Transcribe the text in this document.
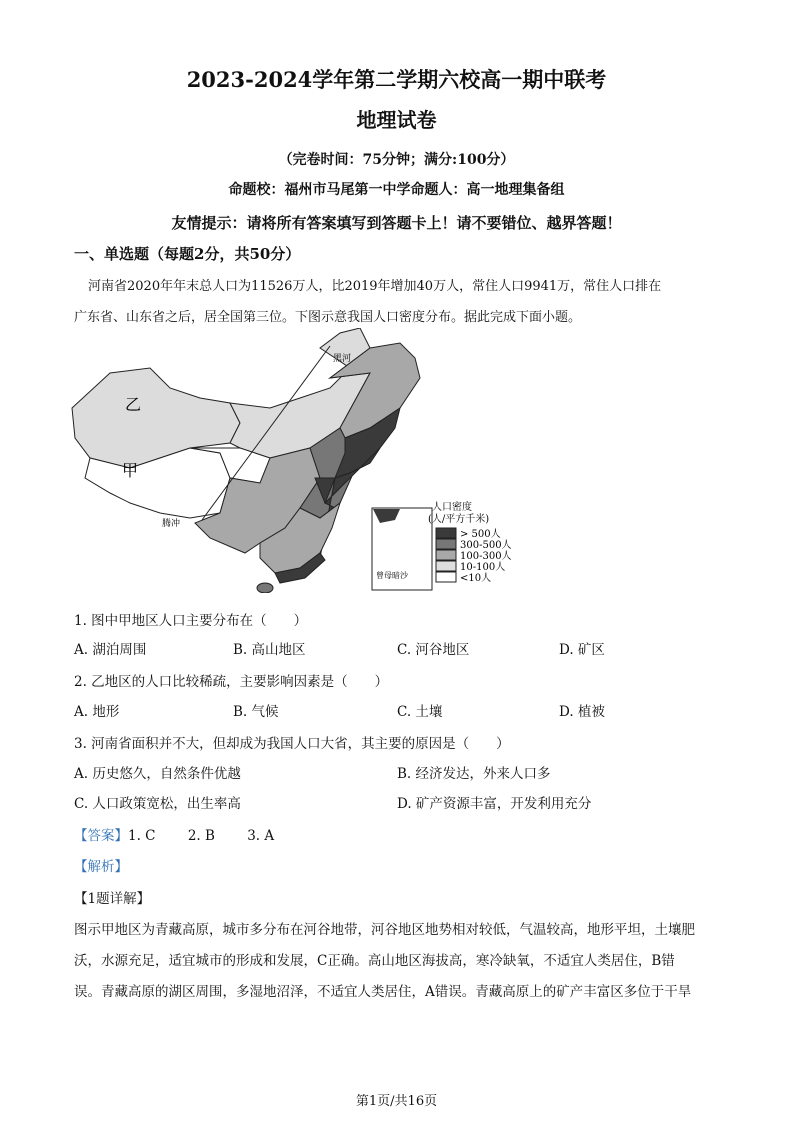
2023-2024学年第二学期六校高一期中联考
地理试卷
（完卷时间：75分钟；满分:100分）
命题校：福州市马尾第一中学命题人：高一地理集备组
友情提示：请将所有答案填写到答题卡上！请不要错位、越界答题！
一、单选题（每题2分，共50分）
河南省2020年年末总人口为11526万人，比2019年增加40万人，常住人口9941万，常住人口排在
广东省、山东省之后，居全国第三位。下图示意我国人口密度分布。据此完成下面小题。
乙
甲
黑河
腾冲
曾母暗沙
人口密度
(人/平方千米)
> 500人
300-500人
100-300人
10-100人
<10人
1. 图中甲地区人口主要分布在（　　）
A. 湖泊周围	B. 高山地区	C. 河谷地区	D. 矿区
2. 乙地区的人口比较稀疏，主要影响因素是（　　）
A. 地形	B. 气候	C. 土壤	D. 植被
3. 河南省面积并不大，但却成为我国人口大省，其主要的原因是（　　）
A. 历史悠久，自然条件优越	B. 经济发达，外来人口多
C. 人口政策宽松，出生率高	D. 矿产资源丰富，开发利用充分
【答案】1. C 2. B 3. A
【解析】
【1题详解】
图示甲地区为青藏高原，城市多分布在河谷地带，河谷地区地势相对较低，气温较高，地形平坦，土壤肥
沃，水源充足，适宜城市的形成和发展，C正确。高山地区海拔高，寒冷缺氧，不适宜人类居住，B错
误。青藏高原的湖区周围，多湿地沼泽，不适宜人类居住，A错误。青藏高原上的矿产丰富区多位于干旱
第1页/共16页
